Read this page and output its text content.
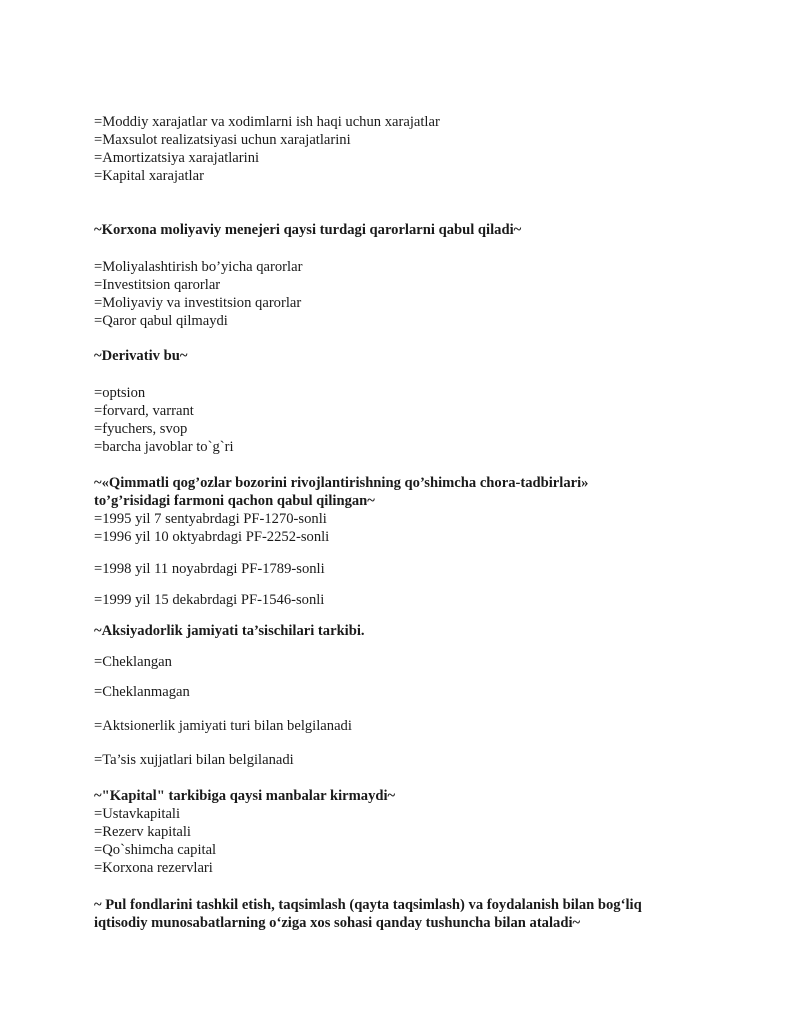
=Moddiy xarajatlar va xodimlarni ish haqi uchun xarajatlar
=Maxsulot realizatsiyasi uchun xarajatlarini
=Amortizatsiya xarajatlarini
=Kapital xarajatlar
~Korxona moliyaviy menejeri qaysi turdagi qarorlarni qabul qiladi~
=Moliyalashtirish bo’yicha qarorlar
=Investitsion qarorlar
=Moliyaviy va investitsion qarorlar
=Qaror qabul qilmaydi
~Derivativ bu~
=optsion
=forvard, varrant
=fyuchers, svop
=barcha javoblar to`g`ri
~«Qimmatli qog’ozlar bozorini rivojlantirishning qo’shimcha chora-tadbirlari»
to’g’risidagi farmoni qachon qabul qilingan~
=1995 yil 7 sentyabrdagi PF-1270-sonli
=1996 yil 10 oktyabrdagi PF-2252-sonli
=1998 yil 11 noyabrdagi PF-1789-sonli
=1999 yil 15 dekabrdagi PF-1546-sonli
~Aksiyadorlik jamiyati ta’sischilari tarkibi.
=Cheklangan
=Cheklanmagan
=Aktsionerlik jamiyati turi bilan belgilanadi
=Ta’sis xujjatlari bilan belgilanadi
~"Kapital" tarkibiga qaysi manbalar kirmaydi~
=Ustavkapitali
=Rezerv kapitali
=Qo`shimcha capital
=Korxona rezervlari
~ Pul fondlarini tashkil etish, taqsimlash (qayta taqsimlash) va foydalanish bilan bog‘liq
iqtisodiy munosabatlarning o‘ziga xos sohasi qanday tushuncha bilan ataladi~
